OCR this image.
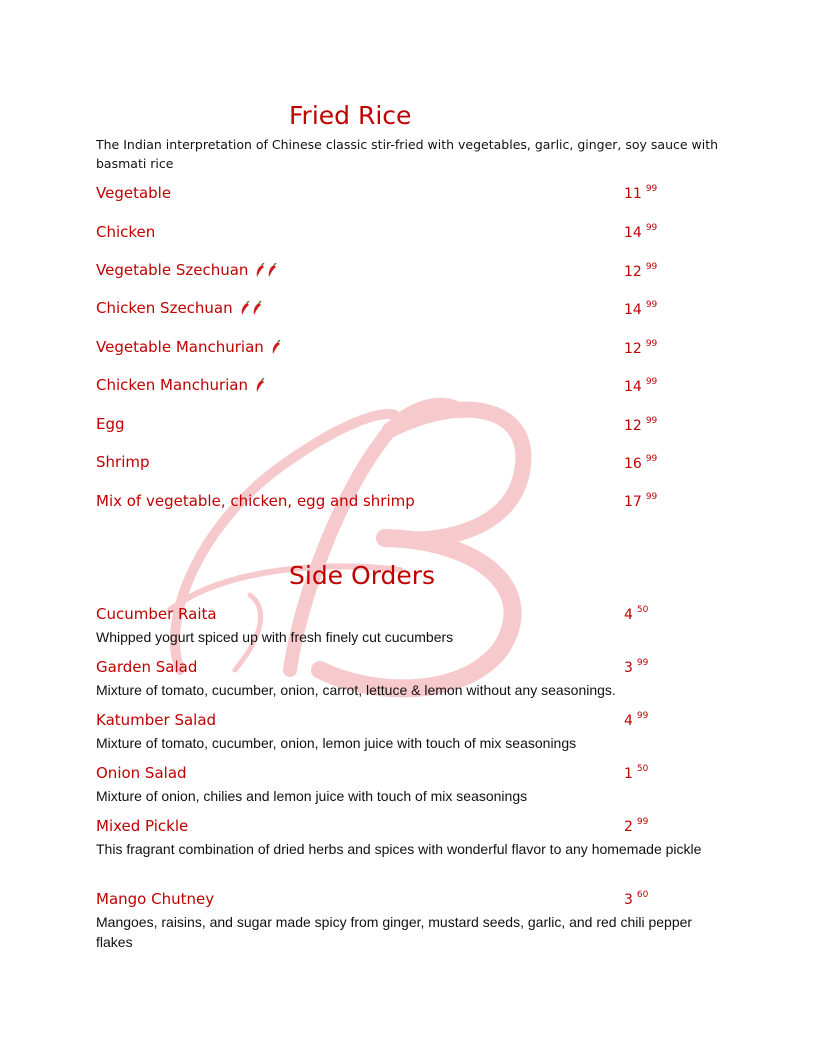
Fried Rice
The Indian interpretation of Chinese classic stir-fried with vegetables, garlic, ginger, soy sauce with basmati rice
Vegetable	11 $^{99}$
Chicken	14 $^{99}$
Vegetable Szechuan	12 $^{99}$
Chicken Szechuan	14 $^{99}$
Vegetable Manchurian	12 $^{99}$
Chicken Manchurian	14 $^{99}$
Egg	12 $^{99}$
Shrimp	16 $^{99}$
Mix of vegetable, chicken, egg and shrimp	17 $^{99}$
Side Orders
Cucumber Raita	4 $^{50}$
Whipped yogurt spiced up with fresh finely cut cucumbers
Garden Salad	3 $^{99}$
Mixture of tomato, cucumber, onion, carrot, lettuce & lemon without any seasonings.
Katumber Salad	4 $^{99}$
Mixture of tomato, cucumber, onion, lemon juice with touch of mix seasonings
Onion Salad	1 $^{50}$
Mixture of onion, chilies and lemon juice with touch of mix seasonings
Mixed Pickle	2 $^{99}$
This fragrant combination of dried herbs and spices with wonderful flavor to any homemade pickle
Mango Chutney	3 $^{60}$
Mangoes, raisins, and sugar made spicy from ginger, mustard seeds, garlic, and red chili pepper flakes
